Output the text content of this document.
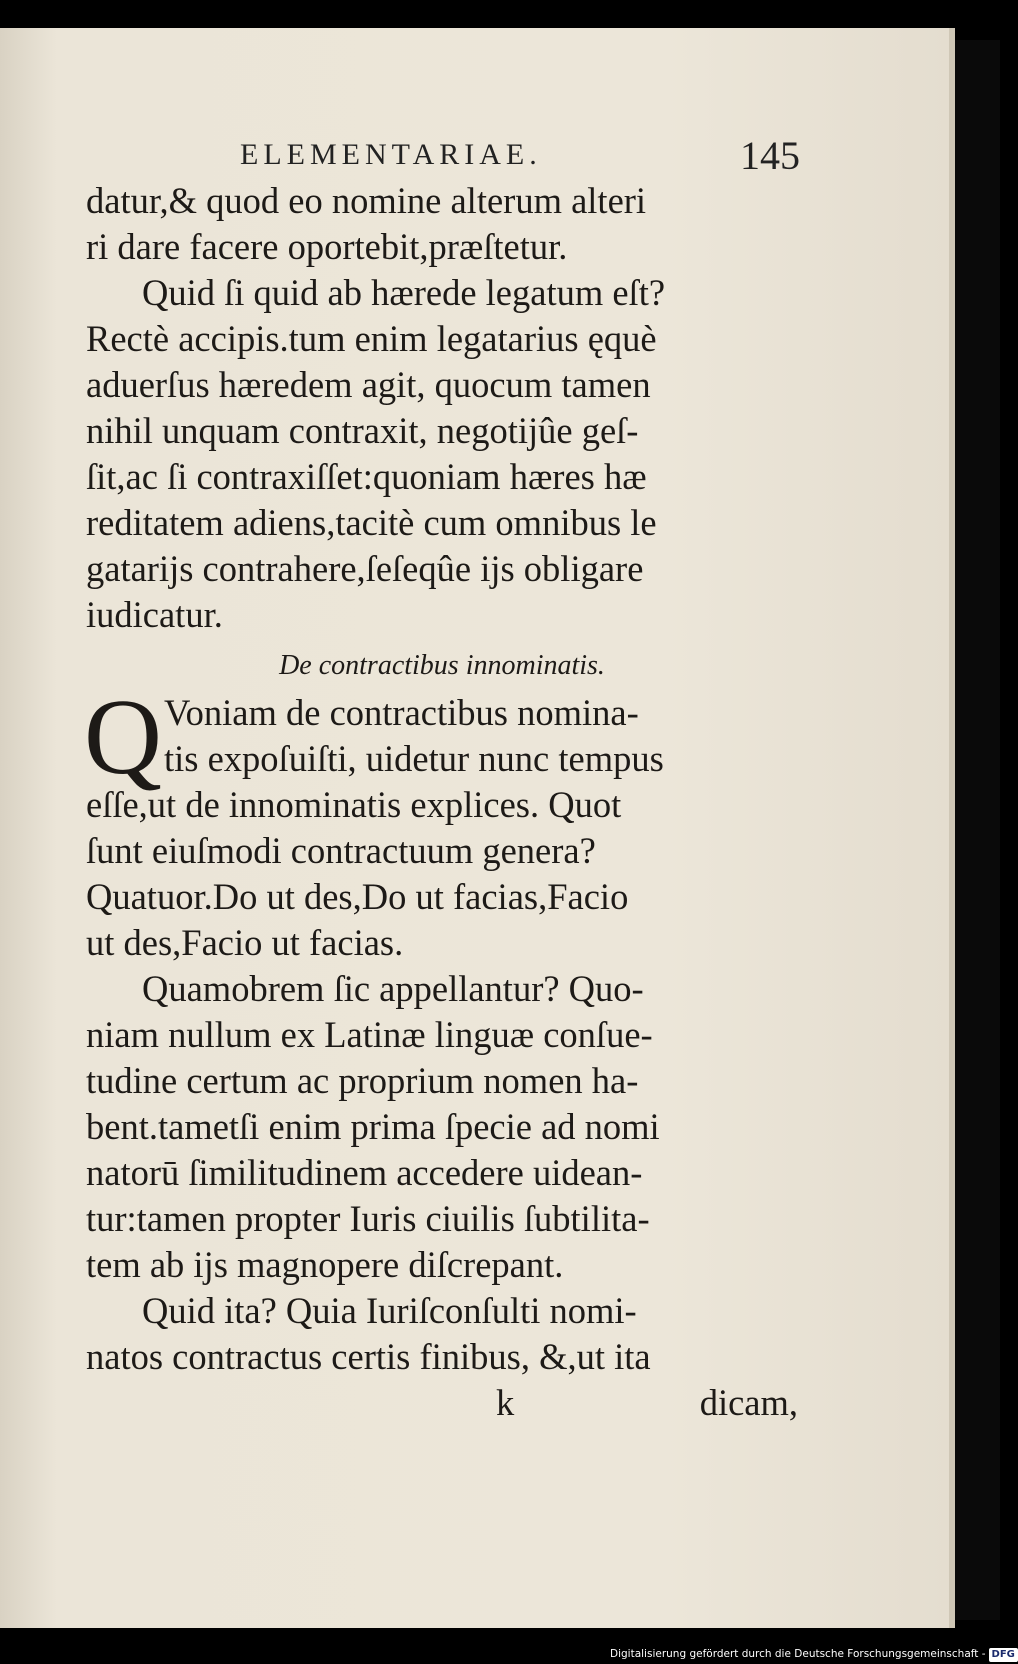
ELEMENTARIAE.	145
datur,& quod eo nomine alterum alteri
ri dare facere oportebit,præſtetur.
Quid ſi quid ab hærede legatum eſt?
Rectè accipis.tum enim legatarius ęquè
aduerſus hæredem agit, quocum tamen
nihil unquam contraxit, negotijûe geſ-
ſit,ac ſi contraxiſſet:quoniam hæres hæ
reditatem adiens,tacitè cum omnibus le
gatarijs contrahere,ſeſeqûe ijs obligare
iudicatur.
De contractibus innominatis.
Q Voniam de contractibus nomina-
tis expoſuiſti, uidetur nunc tempus
eſſe,ut de innominatis explices. Quot
ſunt eiuſmodi contractuum genera?
Quatuor.Do ut des,Do ut facias,Facio
ut des,Facio ut facias.
Quamobrem ſic appellantur? Quo-
niam nullum ex Latinæ linguæ conſue-
tudine certum ac proprium nomen ha-
bent.tametſi enim prima ſpecie ad nomi
natorū ſimilitudinem accedere uidean-
tur:tamen propter Iuris ciuilis ſubtilita-
tem ab ijs magnopere diſcrepant.
Quid ita? Quia Iuriſconſulti nomi-
natos contractus certis finibus, &,ut ita
k	dicam,
Digitalisierung gefördert durch die Deutsche Forschungsgemeinschaft - DFG
